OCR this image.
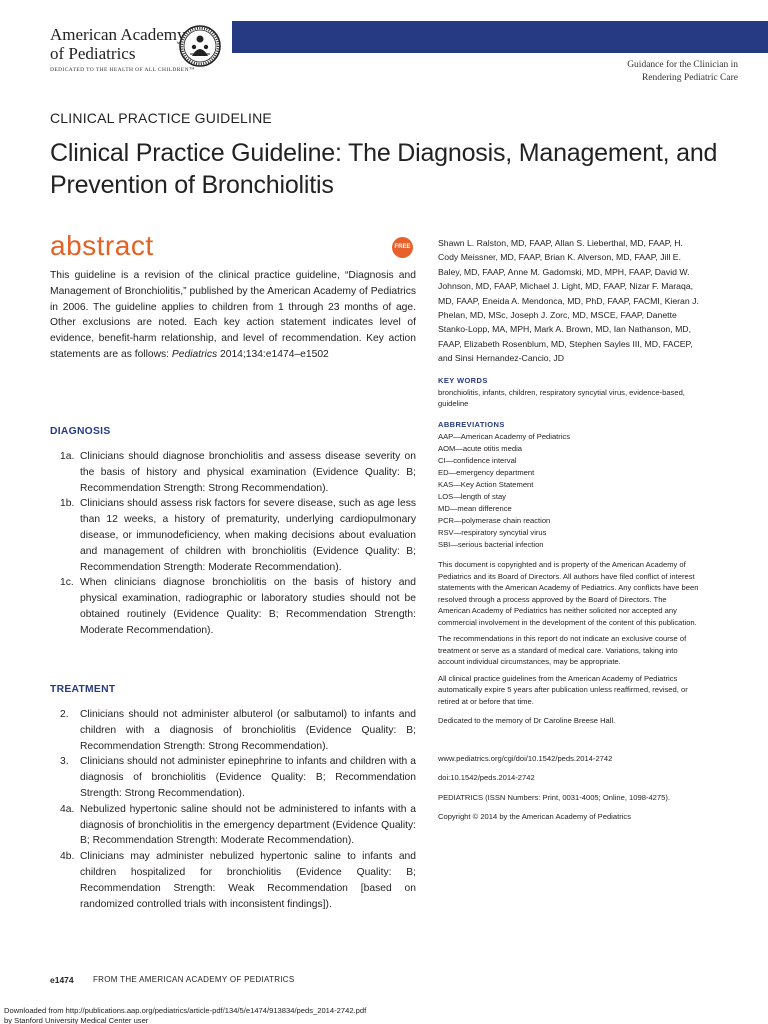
American Academy
of Pediatrics
DEDICATED TO THE HEALTH OF ALL CHILDREN™	Guidance for the Clinician in
Rendering Pediatric Care
CLINICAL PRACTICE GUIDELINE
Clinical Practice Guideline: The Diagnosis, Management, and Prevention of Bronchiolitis
abstract	FREE
This guideline is a revision of the clinical practice guideline, “Diagnosis and Management of Bronchiolitis,” published by the American Academy of Pediatrics in 2006. The guideline applies to children from 1 through 23 months of age. Other exclusions are noted. Each key action statement indicates level of evidence, benefit-harm relationship, and level of recommendation. Key action statements are as follows: Pediatrics 2014;134:e1474–e1502
DIAGNOSIS
1a. Clinicians should diagnose bronchiolitis and assess disease severity on the basis of history and physical examination (Evidence Quality: B; Recommendation Strength: Strong Recommendation).
1b. Clinicians should assess risk factors for severe disease, such as age less than 12 weeks, a history of prematurity, underlying cardiopulmonary disease, or immunodeficiency, when making decisions about evaluation and management of children with bronchiolitis (Evidence Quality: B; Recommendation Strength: Moderate Recommendation).
1c. When clinicians diagnose bronchiolitis on the basis of history and physical examination, radiographic or laboratory studies should not be obtained routinely (Evidence Quality: B; Recommendation Strength: Moderate Recommendation).
TREATMENT
2. Clinicians should not administer albuterol (or salbutamol) to infants and children with a diagnosis of bronchiolitis (Evidence Quality: B; Recommendation Strength: Strong Recommendation).
3. Clinicians should not administer epinephrine to infants and children with a diagnosis of bronchiolitis (Evidence Quality: B; Recommendation Strength: Strong Recommendation).
4a. Nebulized hypertonic saline should not be administered to infants with a diagnosis of bronchiolitis in the emergency department (Evidence Quality: B; Recommendation Strength: Moderate Recommendation).
4b. Clinicians may administer nebulized hypertonic saline to infants and children hospitalized for bronchiolitis (Evidence Quality: B; Recommendation Strength: Weak Recommendation [based on randomized controlled trials with inconsistent findings]).
Shawn L. Ralston, MD, FAAP, Allan S. Lieberthal, MD, FAAP, H. Cody Meissner, MD, FAAP, Brian K. Alverson, MD, FAAP, Jill E. Baley, MD, FAAP, Anne M. Gadomski, MD, MPH, FAAP, David W. Johnson, MD, FAAP, Michael J. Light, MD, FAAP, Nizar F. Maraqa, MD, FAAP, Eneida A. Mendonca, MD, PhD, FAAP, FACMI, Kieran J. Phelan, MD, MSc, Joseph J. Zorc, MD, MSCE, FAAP, Danette Stanko-Lopp, MA, MPH, Mark A. Brown, MD, Ian Nathanson, MD, FAAP, Elizabeth Rosenblum, MD, Stephen Sayles III, MD, FACEP, and Sinsi Hernandez-Cancio, JD
KEY WORDS
bronchiolitis, infants, children, respiratory syncytial virus, evidence-based, guideline
ABBREVIATIONS
AAP—American Academy of Pediatrics
AOM—acute otitis media
CI—confidence interval
ED—emergency department
KAS—Key Action Statement
LOS—length of stay
MD—mean difference
PCR—polymerase chain reaction
RSV—respiratory syncytial virus
SBI—serious bacterial infection
This document is copyrighted and is property of the American Academy of Pediatrics and its Board of Directors. All authors have filed conflict of interest statements with the American Academy of Pediatrics. Any conflicts have been resolved through a process approved by the Board of Directors. The American Academy of Pediatrics has neither solicited nor accepted any commercial involvement in the development of the content of this publication.
The recommendations in this report do not indicate an exclusive course of treatment or serve as a standard of medical care. Variations, taking into account individual circumstances, may be appropriate.
All clinical practice guidelines from the American Academy of Pediatrics automatically expire 5 years after publication unless reaffirmed, revised, or retired at or before that time.
Dedicated to the memory of Dr Caroline Breese Hall.
www.pediatrics.org/cgi/doi/10.1542/peds.2014-2742
doi:10.1542/peds.2014-2742
PEDIATRICS (ISSN Numbers: Print, 0031-4005; Online, 1098-4275).
Copyright © 2014 by the American Academy of Pediatrics
e1474 FROM THE AMERICAN ACADEMY OF PEDIATRICS
Downloaded from http://publications.aap.org/pediatrics/article-pdf/134/5/e1474/913834/peds_2014-2742.pdf
by Stanford University Medical Center user
